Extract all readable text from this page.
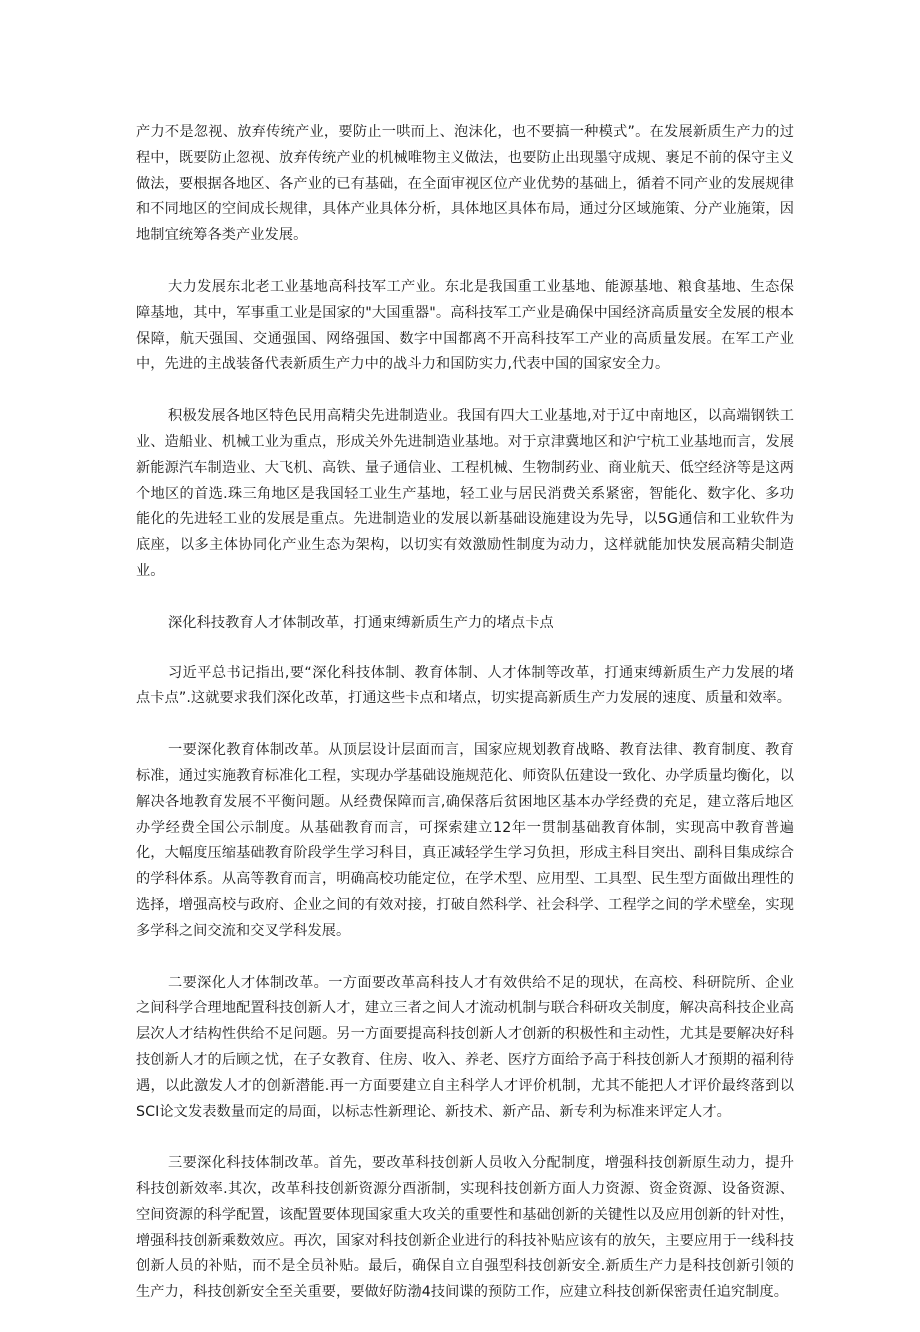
产力不是忽视、放弃传统产业，要防止一哄而上、泡沫化，也不要搞一种模式”。在发展新质生产力的过程中，既要防止忽视、放弃传统产业的机械唯物主义做法，也要防止出现墨守成规、裹足不前的保守主义做法，要根据各地区、各产业的已有基础，在全面审视区位产业优势的基础上，循着不同产业的发展规律和不同地区的空间成长规律，具体产业具体分析，具体地区具体布局，通过分区域施策、分产业施策，因地制宜统筹各类产业发展。

大力发展东北老工业基地高科技军工产业。东北是我国重工业基地、能源基地、粮食基地、生态保障基地，其中，军事重工业是国家的"大国重器"。高科技军工产业是确保中国经济高质量安全发展的根本保障，航天强国、交通强国、网络强国、数字中国都离不开高科技军工产业的高质量发展。在军工产业中，先进的主战装备代表新质生产力中的战斗力和国防实力,代表中国的国家安全力。

积极发展各地区特色民用高精尖先进制造业。我国有四大工业基地,对于辽中南地区，以高端钢铁工业、造船业、机械工业为重点，形成关外先进制造业基地。对于京津冀地区和沪宁杭工业基地而言，发展新能源汽车制造业、大飞机、高铁、量子通信业、工程机械、生物制药业、商业航天、低空经济等是这两个地区的首选.珠三角地区是我国轻工业生产基地，轻工业与居民消费关系紧密，智能化、数字化、多功能化的先进轻工业的发展是重点。先进制造业的发展以新基础设施建设为先导，以5G通信和工业软件为底座，以多主体协同化产业生态为架构，以切实有效激励性制度为动力，这样就能加快发展高精尖制造业。

深化科技教育人才体制改革，打通束缚新质生产力的堵点卡点

习近平总书记指出,要“深化科技体制、教育体制、人才体制等改革，打通束缚新质生产力发展的堵点卡点”.这就要求我们深化改革，打通这些卡点和堵点，切实提高新质生产力发展的速度、质量和效率。

一要深化教育体制改革。从顶层设计层面而言，国家应规划教育战略、教育法律、教育制度、教育标准，通过实施教育标准化工程，实现办学基础设施规范化、师资队伍建设一致化、办学质量均衡化，以解决各地教育发展不平衡问题。从经费保障而言,确保落后贫困地区基本办学经费的充足，建立落后地区办学经费全国公示制度。从基础教育而言，可探索建立12年一贯制基础教育体制，实现高中教育普遍化，大幅度压缩基础教育阶段学生学习科目，真正减轻学生学习负担，形成主科目突出、副科目集成综合的学科体系。从高等教育而言，明确高校功能定位，在学术型、应用型、工具型、民生型方面做出理性的选择，增强高校与政府、企业之间的有效对接，打破自然科学、社会科学、工程学之间的学术壁垒，实现多学科之间交流和交叉学科发展。

二要深化人才体制改革。一方面要改革高科技人才有效供给不足的现状，在高校、科研院所、企业之间科学合理地配置科技创新人才，建立三者之间人才流动机制与联合科研攻关制度，解决高科技企业高层次人才结构性供给不足问题。另一方面要提高科技创新人才创新的积极性和主动性，尤其是要解决好科技创新人才的后顾之忧，在子女教育、住房、收入、养老、医疗方面给予高于科技创新人才预期的福利待遇，以此激发人才的创新潜能.再一方面要建立自主科学人才评价机制，尤其不能把人才评价最终落到以SCI论文发表数量而定的局面，以标志性新理论、新技术、新产品、新专利为标准来评定人才。

三要深化科技体制改革。首先，要改革科技创新人员收入分配制度，增强科技创新原生动力，提升科技创新效率.其次，改革科技创新资源分酉浙制，实现科技创新方面人力资源、资金资源、设备资源、空间资源的科学配置，该配置要体现国家重大攻关的重要性和基础创新的关键性以及应用创新的针对性，增强科技创新乘数效应。再次，国家对科技创新企业进行的科技补贴应该有的放矢，主要应用于一线科技创新人员的补贴，而不是全员补贴。最后，确保自立自强型科技创新安全.新质生产力是科技创新引领的生产力，科技创新安全至关重要，要做好防渤4技间谍的预防工作，应建立科技创新保密责任追究制度。
